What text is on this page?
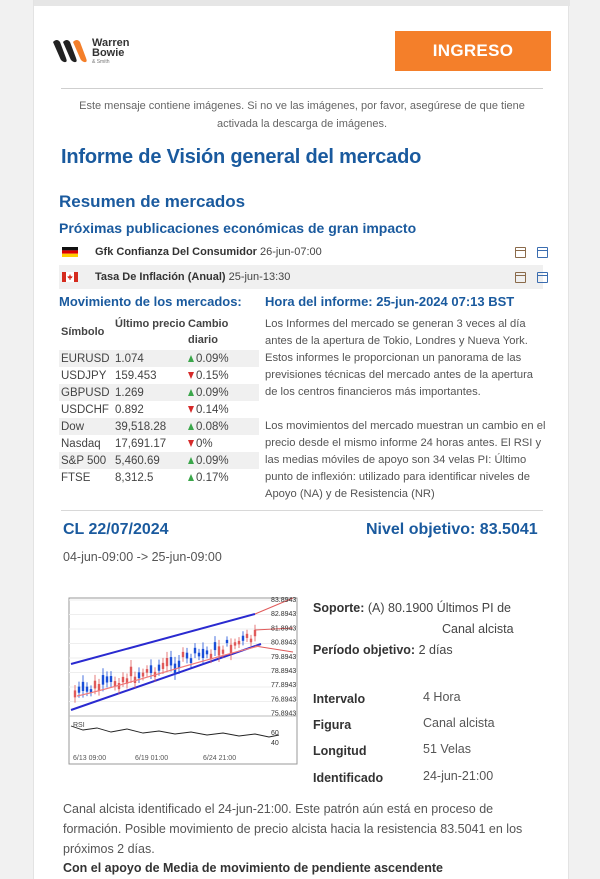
Warren
Bowie
& Smith
INGRESO
Este mensaje contiene imágenes. Si no ve las imágenes, por favor, asegúrese de que tiene activada la descarga de imágenes.
Informe de Visión general del mercado
Resumen de mercados
Próximas publicaciones económicas de gran impacto
Gfk Confianza Del Consumidor 26-jun-07:00
Tasa De Inflación (Anual) 25-jun-13:30
Movimiento de los mercados: Hora del informe: 25-jun-2024 07:13 BST
Símbolo
Último precio Cambio diario
EURUSD 1.074	0.09%
USDJPY 159.453	0.15%
GBPUSD 1.269	0.09%
USDCHF 0.892	0.14%
Dow	39,518.28	0.08%
Nasdaq	17,691.17	0%
S&P 500 5,460.69	0.09%
FTSE	8,312.5	0.17%

Los Informes del mercado se generan 3 veces al día antes de la apertura de Tokio, Londres y Nueva York. Estos informes le proporcionan un panorama de las previsiones técnicas del mercado antes de la apertura de los centros financieros más importantes.

Los movimientos del mercado muestran un cambio en el precio desde el mismo informe 24 horas antes. El RSI y las medias móviles de apoyo son 34 velas PI: Último punto de inflexión: utilizado para identificar niveles de Apoyo (NA) y de Resistencia (NR)

CL 22/07/2024	Nivel objetivo: 83.5041
04-jun-09:00 -> 25-jun-09:00
RSI
83.8943
82.8943
81.8943
80.8943
79.8943
78.8943
77.8943
76.8943
75.8943
60
40
6/13 09:00	6/19 01:00	6/24 21:00
Soporte: (A) 80.1900 Últimos PI de
Canal alcista
Período objetivo: 2 días
Intervalo	4 Hora
Figura	Canal alcista
Longitud	51 Velas
Identificado	24-jun-21:00
Canal alcista identificado el 24-jun-21:00. Este patrón aún está en proceso de formación. Posible movimiento de precio alcista hacia la resistencia 83.5041 en los próximos 2 días.
Con el apoyo de Media de movimiento de pendiente ascendente
